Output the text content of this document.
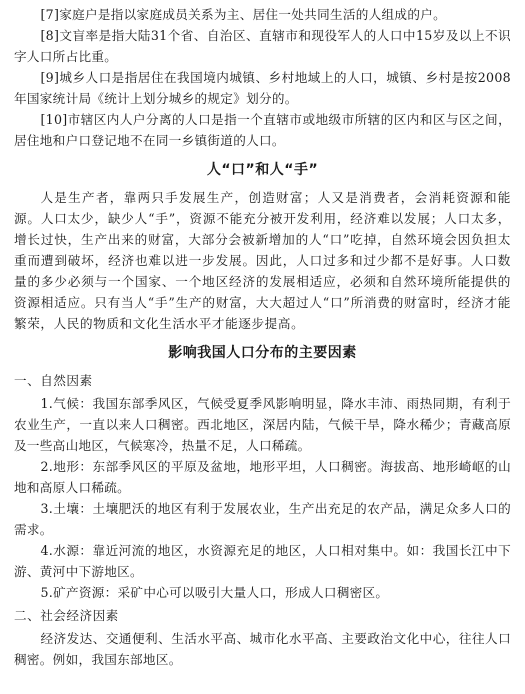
[7]家庭户是指以家庭成员关系为主、居住一处共同生活的人组成的户。

[8]文盲率是指大陆31个省、自治区、直辖市和现役军人的人口中15岁及以上不识字人口所占比重。

[9]城乡人口是指居住在我国境内城镇、乡村地域上的人口，城镇、乡村是按2008年国家统计局《统计上划分城乡的规定》划分的。

[10]市辖区内人户分离的人口是指一个直辖市或地级市所辖的区内和区与区之间，居住地和户口登记地不在同一乡镇街道的人口。

人“口”和人“手”

人是生产者，靠两只手发展生产，创造财富；人又是消费者，会消耗资源和能源。人口太少，缺少人“手”，资源不能充分被开发利用，经济难以发展；人口太多，增长过快，生产出来的财富，大部分会被新增加的人“口”吃掉，自然环境会因负担太重而遭到破坏，经济也难以进一步发展。因此，人口过多和过少都不是好事。人口数量的多少必须与一个国家、一个地区经济的发展相适应，必须和自然环境所能提供的资源相适应。只有当人“手”生产的财富，大大超过人“口”所消费的财富时，经济才能繁荣，人民的物质和文化生活水平才能逐步提高。

影响我国人口分布的主要因素

一、自然因素

1.气候：我国东部季风区，气候受夏季风影响明显，降水丰沛、雨热同期，有利于农业生产，一直以来人口稠密。西北地区，深居内陆，气候干旱，降水稀少；青藏高原及一些高山地区，气候寒冷，热量不足，人口稀疏。

2.地形：东部季风区的平原及盆地，地形平坦，人口稠密。海拔高、地形崎岖的山地和高原人口稀疏。

3.土壤：土壤肥沃的地区有利于发展农业，生产出充足的农产品，满足众多人口的需求。

4.水源：靠近河流的地区，水资源充足的地区，人口相对集中。如：我国长江中下游、黄河中下游地区。

5.矿产资源：采矿中心可以吸引大量人口，形成人口稠密区。

二、社会经济因素

经济发达、交通便利、生活水平高、城市化水平高、主要政治文化中心，往往人口稠密。例如，我国东部地区。
